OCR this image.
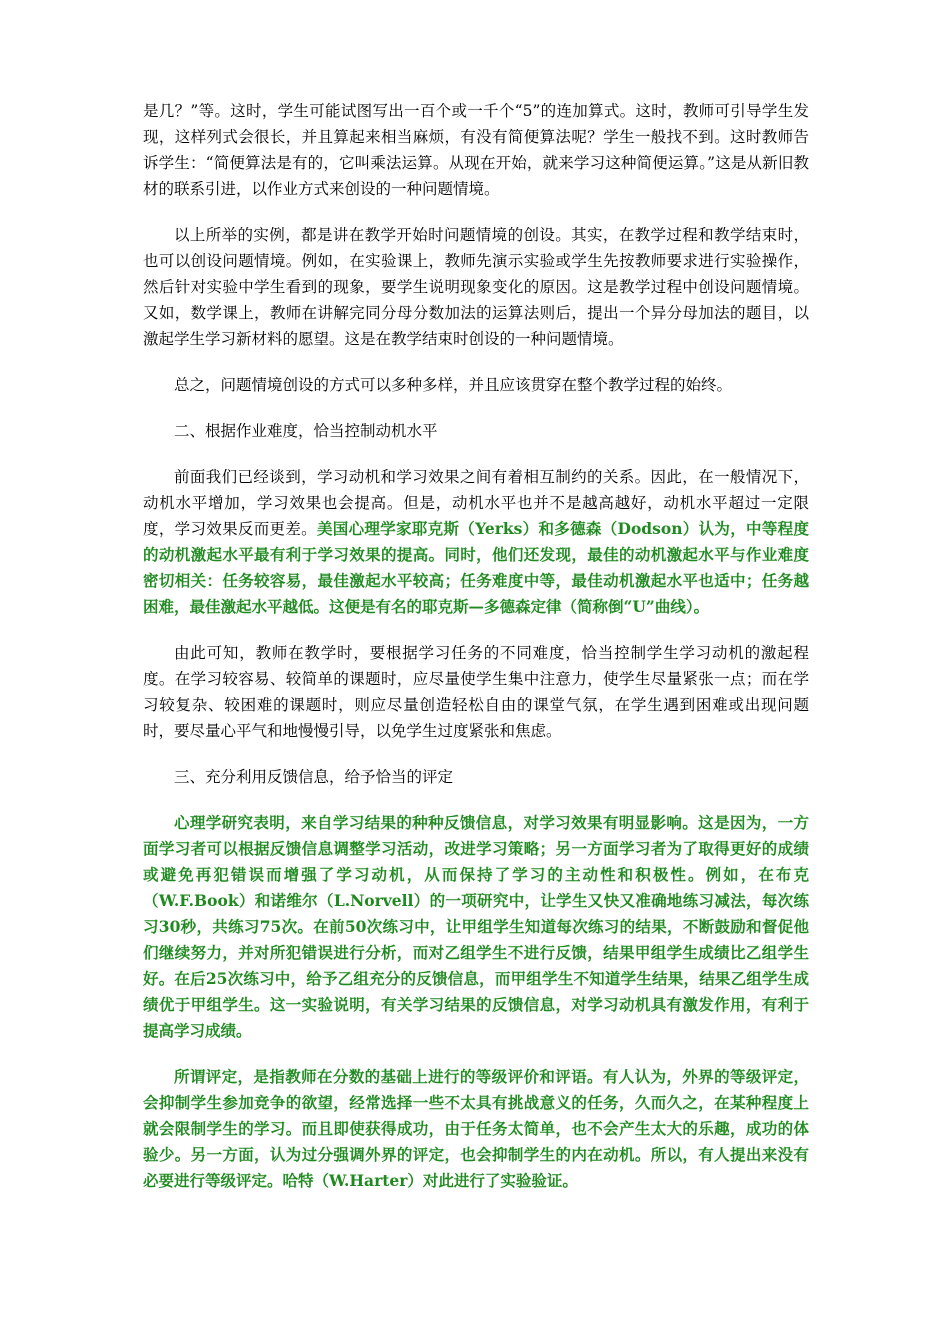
是几？”等。这时，学生可能试图写出一百个或一千个“5”的连加算式。这时，教师可引导学生发现，这样列式会很长，并且算起来相当麻烦，有没有简便算法呢？学生一般找不到。这时教师告诉学生：“简便算法是有的，它叫乘法运算。从现在开始，就来学习这种简便运算。”这是从新旧教材的联系引进，以作业方式来创设的一种问题情境。

以上所举的实例，都是讲在教学开始时问题情境的创设。其实，在教学过程和教学结束时，也可以创设问题情境。例如，在实验课上，教师先演示实验或学生先按教师要求进行实验操作，然后针对实验中学生看到的现象，要学生说明现象变化的原因。这是教学过程中创设问题情境。又如，数学课上，教师在讲解完同分母分数加法的运算法则后，提出一个异分母加法的题目，以激起学生学习新材料的愿望。这是在教学结束时创设的一种问题情境。

总之，问题情境创设的方式可以多种多样，并且应该贯穿在整个教学过程的始终。

二、根据作业难度，恰当控制动机水平

前面我们已经谈到，学习动机和学习效果之间有着相互制约的关系。因此，在一般情况下，动机水平增加，学习效果也会提高。但是，动机水平也并不是越高越好，动机水平超过一定限度，学习效果反而更差。美国心理学家耶克斯（Yerks）和多德森（Dodson）认为，中等程度的动机激起水平最有利于学习效果的提高。同时，他们还发现，最佳的动机激起水平与作业难度密切相关：任务较容易，最佳激起水平较高；任务难度中等，最佳动机激起水平也适中；任务越困难，最佳激起水平越低。这便是有名的耶克斯—多德森定律（简称倒“U”曲线）。

由此可知，教师在教学时，要根据学习任务的不同难度，恰当控制学生学习动机的激起程度。在学习较容易、较简单的课题时，应尽量使学生集中注意力，使学生尽量紧张一点；而在学习较复杂、较困难的课题时，则应尽量创造轻松自由的课堂气氛，在学生遇到困难或出现问题时，要尽量心平气和地慢慢引导，以免学生过度紧张和焦虑。

三、充分利用反馈信息，给予恰当的评定

心理学研究表明，来自学习结果的种种反馈信息，对学习效果有明显影响。这是因为，一方面学习者可以根据反馈信息调整学习活动，改进学习策略；另一方面学习者为了取得更好的成绩或避免再犯错误而增强了学习动机，从而保持了学习的主动性和积极性。例如，在布克（W.F.Book）和诺维尔（L.Norvell）的一项研究中，让学生又快又准确地练习减法，每次练习30秒，共练习75次。在前50次练习中，让甲组学生知道每次练习的结果，不断鼓励和督促他们继续努力，并对所犯错误进行分析，而对乙组学生不进行反馈，结果甲组学生成绩比乙组学生好。在后25次练习中，给予乙组充分的反馈信息，而甲组学生不知道学生结果，结果乙组学生成绩优于甲组学生。这一实验说明，有关学习结果的反馈信息，对学习动机具有激发作用，有利于提高学习成绩。

所谓评定，是指教师在分数的基础上进行的等级评价和评语。有人认为，外界的等级评定，会抑制学生参加竞争的欲望，经常选择一些不太具有挑战意义的任务，久而久之，在某种程度上就会限制学生的学习。而且即使获得成功，由于任务太简单，也不会产生太大的乐趣，成功的体验少。另一方面，认为过分强调外界的评定，也会抑制学生的内在动机。所以，有人提出来没有必要进行等级评定。哈特（W.Harter）对此进行了实验验证。
